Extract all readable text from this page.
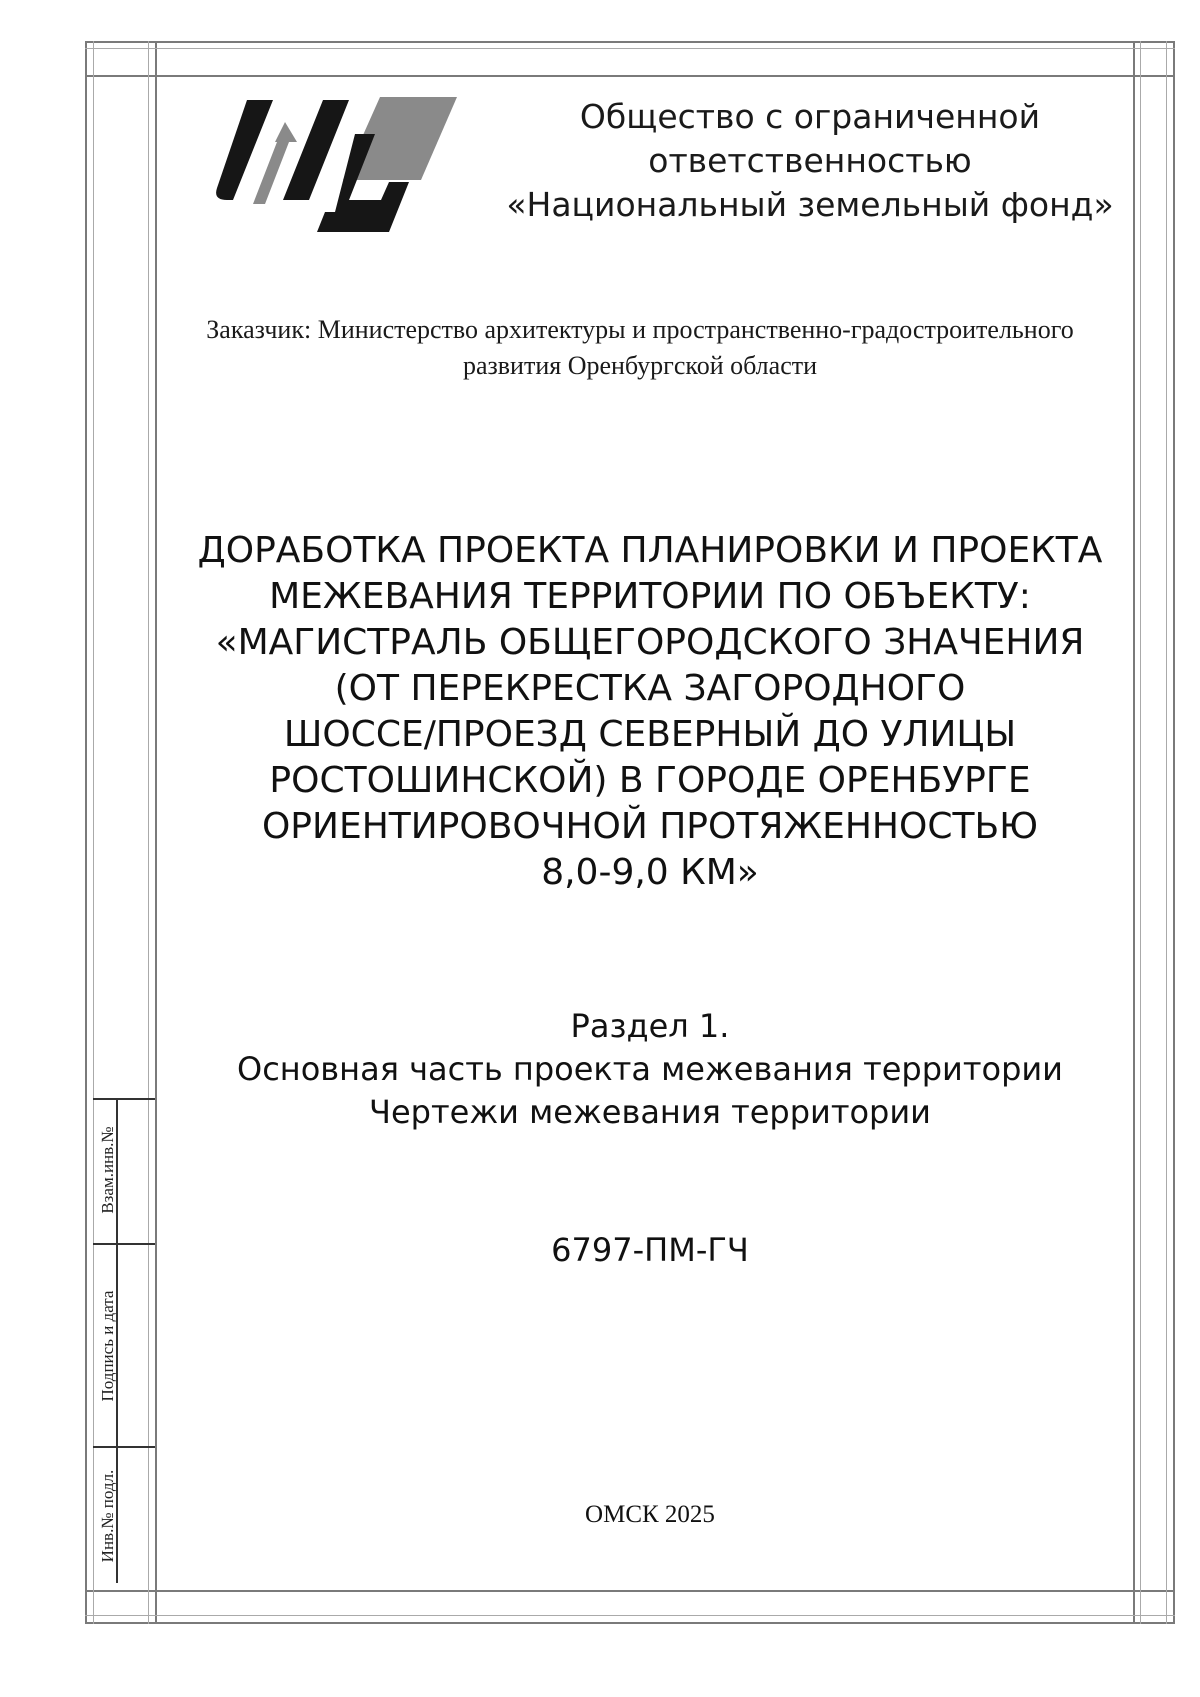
Взам.инв.№
Подпись и дата
Инв.№ подл.
Общество с ограниченной
ответственностью
«Национальный земельный фонд»
Заказчик: Министерство архитектуры и пространственно-градостроительного
развития Оренбургской области
ДОРАБОТКА ПРОЕКТА ПЛАНИРОВКИ И ПРОЕКТА
МЕЖЕВАНИЯ ТЕРРИТОРИИ ПО ОБЪЕКТУ:
«МАГИСТРАЛЬ ОБЩЕГОРОДСКОГО ЗНАЧЕНИЯ
(ОТ ПЕРЕКРЕСТКА ЗАГОРОДНОГО
ШОССЕ/ПРОЕЗД СЕВЕРНЫЙ ДО УЛИЦЫ
РОСТОШИНСКОЙ) В ГОРОДЕ ОРЕНБУРГЕ
ОРИЕНТИРОВОЧНОЙ ПРОТЯЖЕННОСТЬЮ
8,0-9,0 КМ»
Раздел 1.
Основная часть проекта межевания территории
Чертежи межевания территории
6797-ПМ-ГЧ
ОМСК 2025
